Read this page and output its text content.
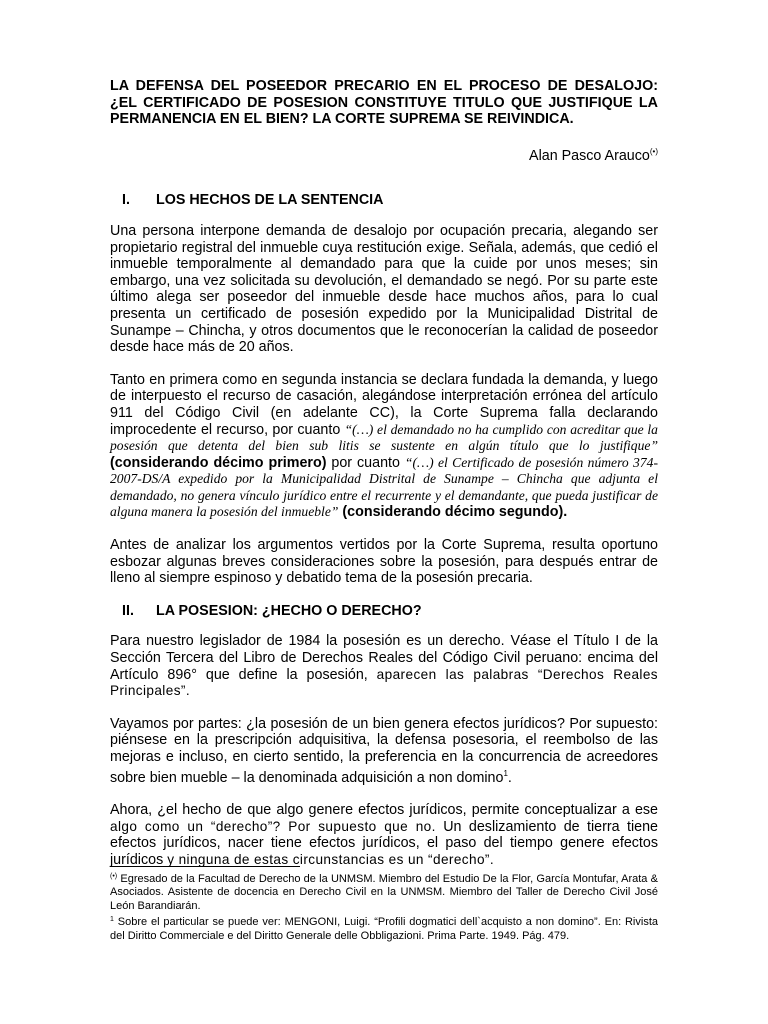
LA DEFENSA DEL POSEEDOR PRECARIO EN EL PROCESO DE DESALOJO: ¿EL CERTIFICADO DE POSESION CONSTITUYE TITULO QUE JUSTIFIQUE LA PERMANENCIA EN EL BIEN? LA CORTE SUPREMA SE REIVINDICA.
Alan Pasco Arauco(•)
I.	LOS HECHOS DE LA SENTENCIA

Una persona interpone demanda de desalojo por ocupación precaria, alegando ser propietario registral del inmueble cuya restitución exige. Señala, además, que cedió el inmueble temporalmente al demandado para que la cuide por unos meses; sin embargo, una vez solicitada su devolución, el demandado se negó. Por su parte este último alega ser poseedor del inmueble desde hace muchos años, para lo cual presenta un certificado de posesión expedido por la Municipalidad Distrital de Sunampe – Chincha, y otros documentos que le reconocerían la calidad de poseedor desde hace más de 20 años.

Tanto en primera como en segunda instancia se declara fundada la demanda, y luego de interpuesto el recurso de casación, alegándose interpretación errónea del artículo 911 del Código Civil (en adelante CC), la Corte Suprema falla declarando improcedente el recurso, por cuanto “(…) el demandado no ha cumplido con acreditar que la posesión que detenta del bien sub litis se sustente en algún título que lo justifique” (considerando décimo primero) por cuanto “(…) el Certificado de posesión número 374-2007-DS/A expedido por la Municipalidad Distrital de Sunampe – Chincha que adjunta el demandado, no genera vínculo jurídico entre el recurrente y el demandante, que pueda justificar de alguna manera la posesión del inmueble” (considerando décimo segundo).

Antes de analizar los argumentos vertidos por la Corte Suprema, resulta oportuno esbozar algunas breves consideraciones sobre la posesión, para después entrar de lleno al siempre espinoso y debatido tema de la posesión precaria.

II.	LA POSESION: ¿HECHO O DERECHO?

Para nuestro legislador de 1984 la posesión es un derecho. Véase el Título I de la Sección Tercera del Libro de Derechos Reales del Código Civil peruano: encima del Artículo 896° que define la posesión, aparecen las palabras “Derechos Reales Principales”.

Vayamos por partes: ¿la posesión de un bien genera efectos jurídicos? Por supuesto: piénsese en la prescripción adquisitiva, la defensa posesoria, el reembolso de las mejoras e incluso, en cierto sentido, la preferencia en la concurrencia de acreedores sobre bien mueble – la denominada adquisición a non domino$^1$.

Ahora, ¿el hecho de que algo genere efectos jurídicos, permite conceptualizar a ese algo como un “derecho”? Por supuesto que no. Un deslizamiento de tierra tiene efectos jurídicos, nacer tiene efectos jurídicos, el paso del tiempo genere efectos jurídicos y ninguna de estas circunstancias es un “derecho”.

(•) Egresado de la Facultad de Derecho de la UNMSM. Miembro del Estudio De la Flor, García Montufar, Arata & Asociados. Asistente de docencia en Derecho Civil en la UNMSM. Miembro del Taller de Derecho Civil José León Barandiarán.

$^1$ Sobre el particular se puede ver: MENGONI, Luigi. “Profili dogmatici dell`acquisto a non domino”. En: Rivista del Diritto Commerciale e del Diritto Generale delle Obbligazioni. Prima Parte. 1949. Pág. 479.
